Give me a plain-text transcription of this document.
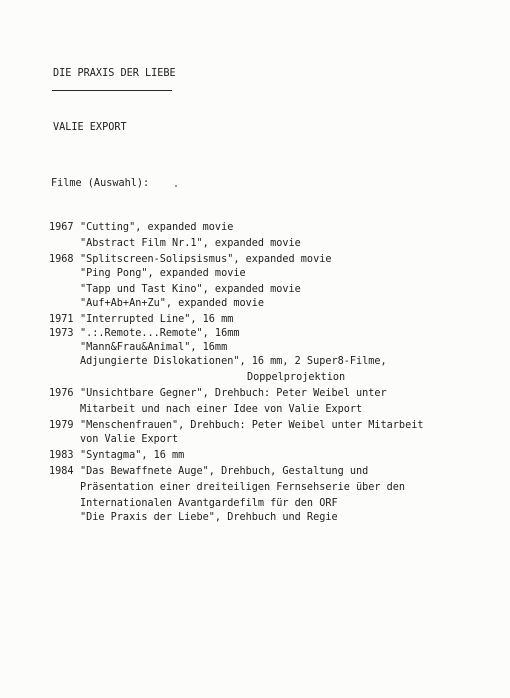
DIE PRAXIS DER LIEBE
VALIE EXPORT
Filme (Auswahl):
1967 "Cutting", expanded movie
"Abstract Film Nr.1", expanded movie
1968 "Splitscreen-Solipsismus", expanded movie
"Ping Pong", expanded movie
"Tapp und Tast Kino", expanded movie
"Auf+Ab+An+Zu", expanded movie
1971 "Interrupted Line", 16 mm
1973 ".:.Remote...Remote", 16mm
"Mann&Frau&Animal", 16mm
Adjungierte Dislokationen", 16 mm, 2 Super8-Filme,
Doppelprojektion
1976 "Unsichtbare Gegner", Drehbuch: Peter Weibel unter
Mitarbeit und nach einer Idee von Valie Export
1979 "Menschenfrauen", Drehbuch: Peter Weibel unter Mitarbeit
von Valie Export
1983 "Syntagma", 16 mm
1984 "Das Bewaffnete Auge", Drehbuch, Gestaltung und
Präsentation einer dreiteiligen Fernsehserie über den
Internationalen Avantgardefilm für den ORF
"Die Praxis der Liebe", Drehbuch und Regie
